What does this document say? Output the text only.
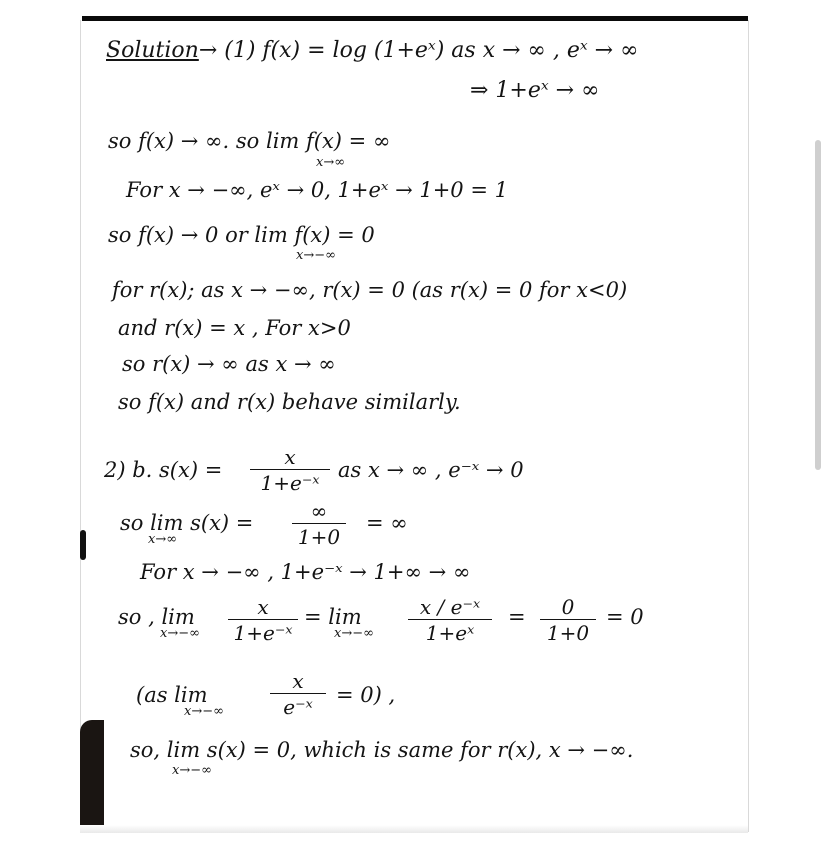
Solution→ (1) f(x) = log (1+eˣ) as x → ∞ , eˣ → ∞
⇒ 1+eˣ → ∞
so f(x) → ∞. so lim f(x) = ∞
x→∞
For x → −∞, eˣ → 0, 1+eˣ → 1+0 = 1
so f(x) → 0 or lim f(x) = 0
x→−∞
for r(x); as x → −∞, r(x) = 0 (as r(x) = 0 for x<0)
and r(x) = x , For x>0
so r(x) → ∞ as x → ∞
so f(x) and r(x) behave similarly.
2) b. s(x) =
x
1+e⁻ˣ
as x → ∞ , e⁻ˣ → 0
so lim s(x) =
x→∞
∞
1+0
= ∞
For x → −∞ , 1+e⁻ˣ → 1+∞ → ∞
so , lim
x→−∞
x
1+e⁻ˣ
= lim
x→−∞
x / e⁻ˣ
1+eˣ
=	0
1+0
= 0
(as lim
x→−∞
x
e⁻ˣ	= 0) ,
so, lim s(x) = 0, which is same for r(x), x → −∞.
x→−∞
